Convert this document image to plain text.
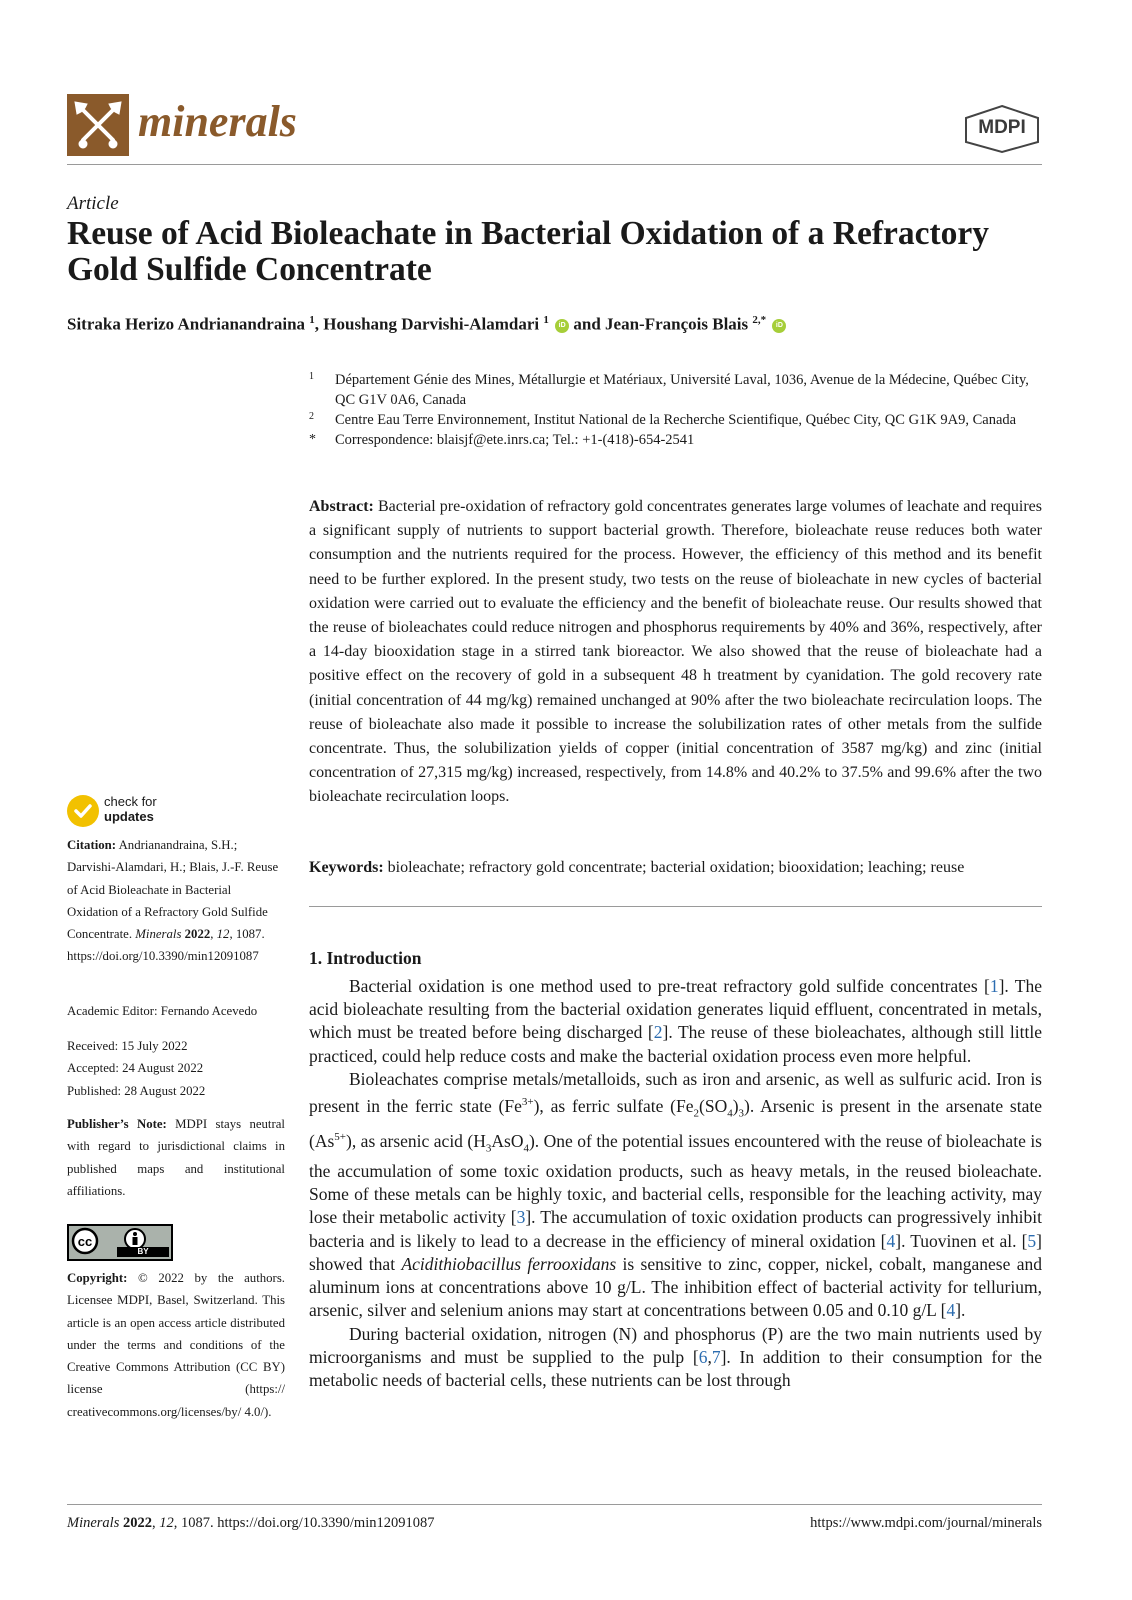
minerals	MDPI
Article
Reuse of Acid Bioleachate in Bacterial Oxidation of a Refractory Gold Sulfide Concentrate
Sitraka Herizo Andrianandraina $^1$, Houshang Darvishi-Alamdari $^1$ iD and Jean-François Blais $^{2,*}$ iD
1	Département Génie des Mines, Métallurgie et Matériaux, Université Laval, 1036, Avenue de la Médecine, Québec City, QC G1V 0A6, Canada
2	Centre Eau Terre Environnement, Institut National de la Recherche Scientifique, Québec City, QC G1K 9A9, Canada
*	Correspondence: blaisjf@ete.inrs.ca; Tel.: +1-(418)-654-2541
Abstract: Bacterial pre-oxidation of refractory gold concentrates generates large volumes of leachate and requires a significant supply of nutrients to support bacterial growth. Therefore, bioleachate reuse reduces both water consumption and the nutrients required for the process. However, the efficiency of this method and its benefit need to be further explored. In the present study, two tests on the reuse of bioleachate in new cycles of bacterial oxidation were carried out to evaluate the efficiency and the benefit of bioleachate reuse. Our results showed that the reuse of bioleachates could reduce nitrogen and phosphorus requirements by 40% and 36%, respectively, after a 14-day biooxidation stage in a stirred tank bioreactor. We also showed that the reuse of bioleachate had a positive effect on the recovery of gold in a subsequent 48 h treatment by cyanidation. The gold recovery rate (initial concentration of 44 mg/kg) remained unchanged at 90% after the two bioleachate recirculation loops. The reuse of bioleachate also made it possible to increase the solubilization rates of other metals from the sulfide concentrate. Thus, the solubilization yields of copper (initial concentration of 3587 mg/kg) and zinc (initial concentration of 27,315 mg/kg) increased, respectively, from 14.8% and 40.2% to 37.5% and 99.6% after the two bioleachate recirculation loops.
Keywords: bioleachate; refractory gold concentrate; bacterial oxidation; biooxidation; leaching; reuse
1. Introduction

Bacterial oxidation is one method used to pre-treat refractory gold sulfide concentrates [1]. The acid bioleachate resulting from the bacterial oxidation generates liquid effluent, concentrated in metals, which must be treated before being discharged [2]. The reuse of these bioleachates, although still little practiced, could help reduce costs and make the bacterial oxidation process even more helpful.

Bioleachates comprise metals/metalloids, such as iron and arsenic, as well as sulfuric acid. Iron is present in the ferric state $(Fe^{3+})$, as ferric sulfate $(Fe_2(SO_4)_3)$. Arsenic is present in the arsenate state $(As^{5+})$, as arsenic acid $(H_3AsO_4)$. One of the potential issues encountered with the reuse of bioleachate is the accumulation of some toxic oxidation products, such as heavy metals, in the reused bioleachate. Some of these metals can be highly toxic, and bacterial cells, responsible for the leaching activity, may lose their metabolic activity [3]. The accumulation of toxic oxidation products can progressively inhibit bacteria and is likely to lead to a decrease in the efficiency of mineral oxidation [4]. Tuovinen et al. [5] showed that Acidithiobacillus ferrooxidans is sensitive to zinc, copper, nickel, cobalt, manganese and aluminum ions at concentrations above 10 g/L. The inhibition effect of bacterial activity for tellurium, arsenic, silver and selenium anions may start at concentrations between 0.05 and 0.10 g/L [4].

During bacterial oxidation, nitrogen (N) and phosphorus (P) are the two main nutrients used by microorganisms and must be supplied to the pulp [6,7]. In addition to their consumption for the metabolic needs of bacterial cells, these nutrients can be lost through

check for
updates
Citation: Andrianandraina, S.H.; Darvishi-Alamdari, H.; Blais, J.-F. Reuse of Acid Bioleachate in Bacterial Oxidation of a Refractory Gold Sulfide Concentrate. Minerals 2022, 12, 1087. https://doi.org/10.3390/min12091087
Academic Editor: Fernando Acevedo
Received: 15 July 2022
Accepted: 24 August 2022
Published: 28 August 2022
Publisher’s Note: MDPI stays neutral with regard to jurisdictional claims in published maps and institutional affiliations.
cc
BY
Copyright: © 2022 by the authors. Licensee MDPI, Basel, Switzerland. This article is an open access article distributed under the terms and conditions of the Creative Commons Attribution (CC BY) license (https:// creativecommons.org/licenses/by/ 4.0/).
Minerals 2022, 12, 1087. https://doi.org/10.3390/min12091087	https://www.mdpi.com/journal/minerals
